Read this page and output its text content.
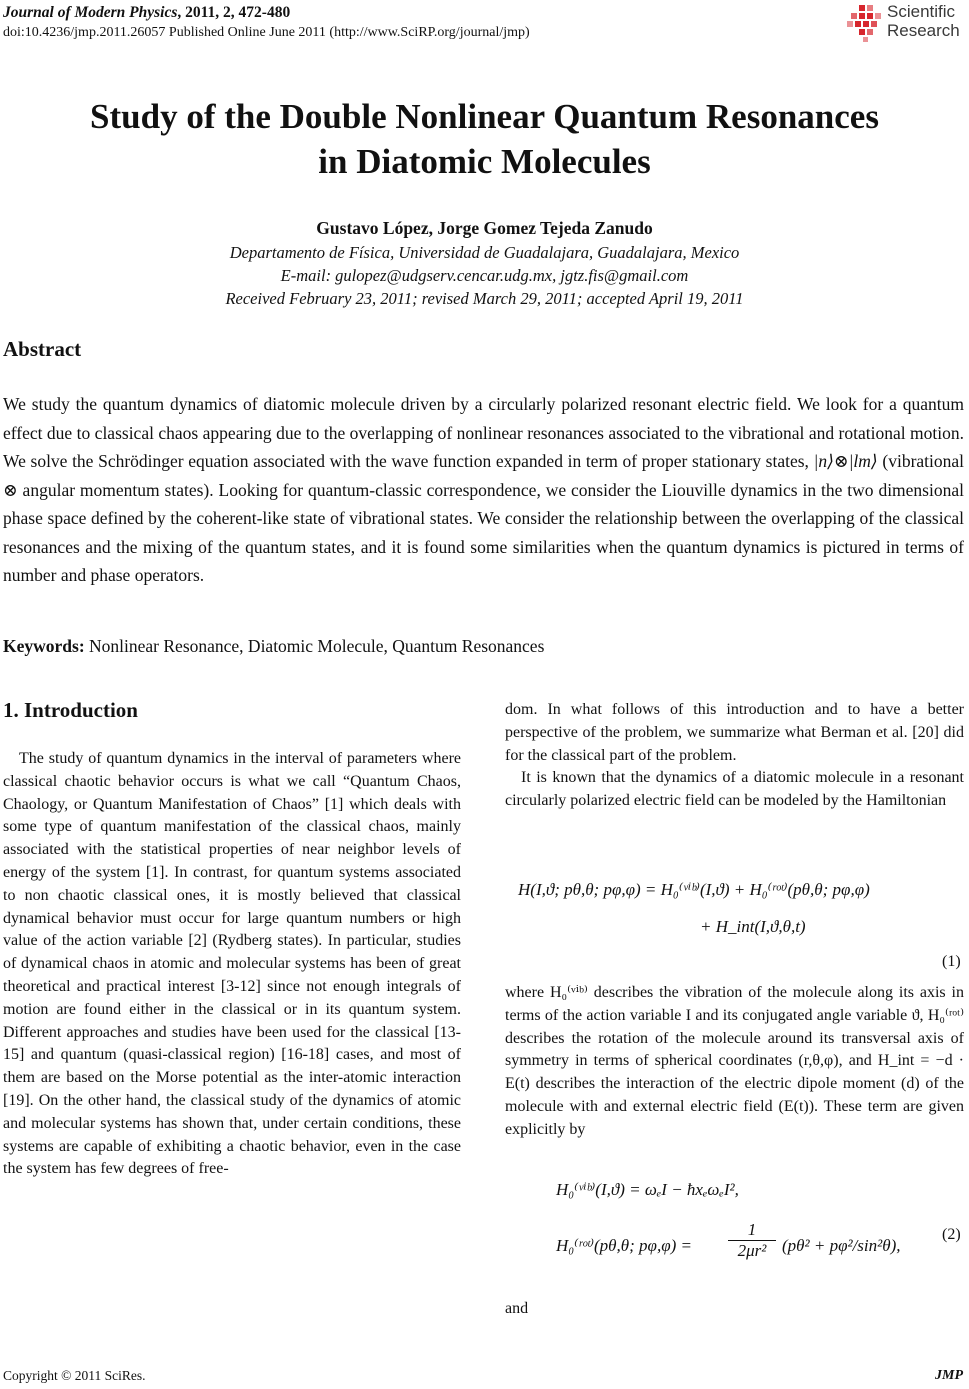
Journal of Modern Physics, 2011, 2, 472-480
doi:10.4236/jmp.2011.26057 Published Online June 2011 (http://www.SciRP.org/journal/jmp)
Scientific
Research
Study of the Double Nonlinear Quantum Resonances
in Diatomic Molecules
Gustavo López, Jorge Gomez Tejeda Zanudo
Departamento de Física, Universidad de Guadalajara, Guadalajara, Mexico
E-mail: gulopez@udgserv.cencar.udg.mx, jgtz.fis@gmail.com
Received February 23, 2011; revised March 29, 2011; accepted April 19, 2011
Abstract
We study the quantum dynamics of diatomic molecule driven by a circularly polarized resonant electric field. We look for a quantum effect due to classical chaos appearing due to the overlapping of nonlinear resonances associated to the vibrational and rotational motion. We solve the Schrödinger equation associated with the wave function expanded in term of proper stationary states, |n⟩⊗|lm⟩ (vibrational ⊗ angular momentum states). Looking for quantum-classic correspondence, we consider the Liouville dynamics in the two dimensional phase space defined by the coherent-like state of vibrational states. We consider the relationship between the overlapping of the classical resonances and the mixing of the quantum states, and it is found some similarities when the quantum dynamics is pictured in terms of number and phase operators.
Keywords: Nonlinear Resonance, Diatomic Molecule, Quantum Resonances
1. Introduction

The study of quantum dynamics in the interval of parameters where classical chaotic behavior occurs is what we call “Quantum Chaos, Chaology, or Quantum Manifestation of Chaos” [1] which deals with some type of quantum manifestation of the classical chaos, mainly associated with the statistical properties of near neighbor levels of energy of the system [1]. In contrast, for quantum systems associated to non chaotic classical ones, it is mostly believed that classical dynamical behavior must occur for large quantum numbers or high value of the action variable [2] (Rydberg states). In particular, studies of dynamical chaos in atomic and molecular systems has been of great theoretical and practical interest [3-12] since not enough integrals of motion are found either in the classical or in its quantum system. Different approaches and studies have been used for the classical [13-15] and quantum (quasi-classical region) [16-18] cases, and most of them are based on the Morse potential as the inter-atomic interaction [19]. On the other hand, the classical study of the dynamics of atomic and molecular systems has shown that, under certain conditions, these systems are capable of exhibiting a chaotic behavior, even in the case the system has few degrees of free-

dom. In what follows of this introduction and to have a better perspective of the problem, we summarize what Berman et al. [20] did for the classical part of the problem.

It is known that the dynamics of a diatomic molecule in a resonant circularly polarized electric field can be modeled by the Hamiltonian

H(I,ϑ; pθ,θ; pφ,φ) = H₀⁽ᵛⁱᵇ⁾(I,ϑ) + H₀⁽ʳᵒᵗ⁾(pθ,θ; pφ,φ)
+ H_int(I,ϑ,θ,t)
(1)

where H₀⁽ᵛⁱᵇ⁾ describes the vibration of the molecule along its axis in terms of the action variable I and its conjugated angle variable ϑ, H₀⁽ʳᵒᵗ⁾ describes the rotation of the molecule around its transversal axis of symmetry in terms of spherical coordinates (r,θ,φ), and H_int = −d · E(t) describes the interaction of the electric dipole moment (d) of the molecule with and external electric field (E(t)). These term are given explicitly by

H₀⁽ᵛⁱᵇ⁾(I,ϑ) = ωₑI − ħxₑωₑI²,
H₀⁽ʳᵒᵗ⁾(pθ,θ; pφ,φ) =
1
2μr² (pθ² + pφ²/sin²θ),
(2)
and
Copyright © 2011 SciRes.	JMP
